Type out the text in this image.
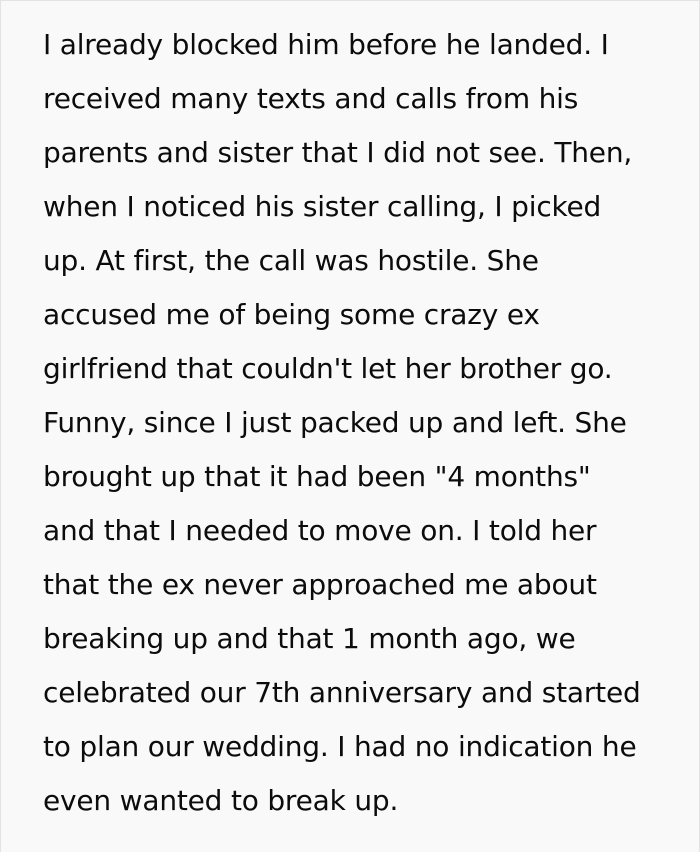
I already blocked him before he landed. I
received many texts and calls from his
parents and sister that I did not see. Then,
when I noticed his sister calling, I picked
up. At first, the call was hostile. She
accused me of being some crazy ex
girlfriend that couldn't let her brother go.
Funny, since I just packed up and left. She
brought up that it had been "4 months"
and that I needed to move on. I told her
that the ex never approached me about
breaking up and that 1 month ago, we
celebrated our 7th anniversary and started
to plan our wedding. I had no indication he
even wanted to break up.
